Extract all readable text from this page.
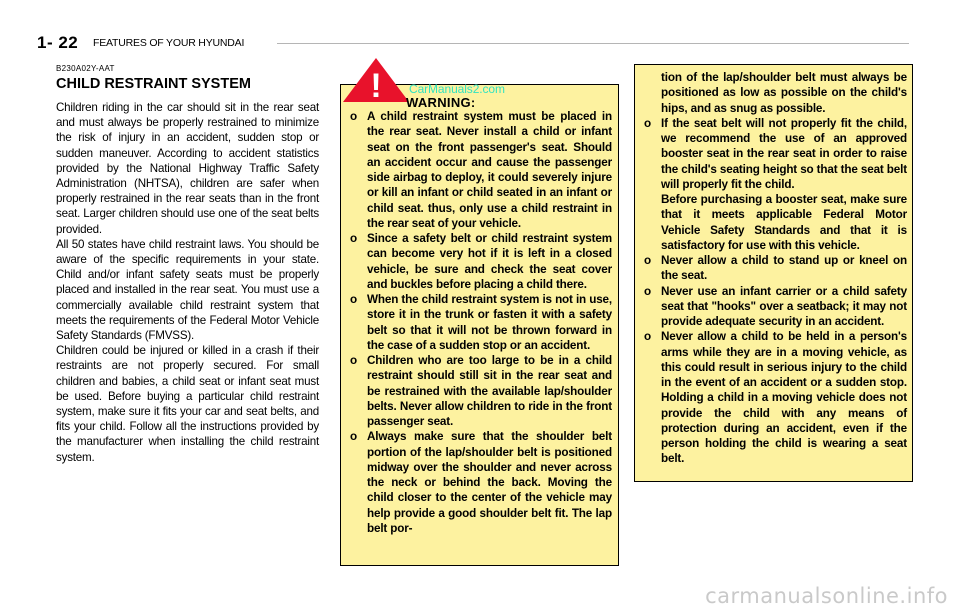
1- 22 FEATURES OF YOUR HYUNDAI

B230A02Y-AAT

CHILD RESTRAINT SYSTEM

Children riding in the car should sit in the rear seat and must always be properly restrained to minimize the risk of injury in an accident, sudden stop or sudden maneuver. According to accident statistics provided by the National Highway Traffic Safety Administration (NHTSA), children are safer when properly restrained in the rear seats than in the front seat. Larger children should use one of the seat belts provided.

All 50 states have child restraint laws. You should be aware of the specific requirements in your state. Child and/or infant safety seats must be properly placed and installed in the rear seat. You must use a commercially available child restraint system that meets the requirements of the Federal Motor Vehicle Safety Standards (FMVSS).

Children could be injured or killed in a crash if their restraints are not properly secured. For small children and babies, a child seat or infant seat must be used. Before buying a particular child restraint system, make sure it fits your car and seat belts, and fits your child. Follow all the instructions provided by the manufacturer when installing the child restraint system.

! CarManuals2.com
WARNING:

o A child restraint system must be placed in the rear seat. Never install a child or infant seat on the front passenger's seat. Should an accident occur and cause the passenger side airbag to deploy, it could severely injure or kill an infant or child seated in an infant or child seat. thus, only use a child restraint in the rear seat of your vehicle.

o Since a safety belt or child restraint system can become very hot if it is left in a closed vehicle, be sure and check the seat cover and buckles before placing a child there.

o When the child restraint system is not in use, store it in the trunk or fasten it with a safety belt so that it will not be thrown forward in the case of a sudden stop or an accident.

o Children who are too large to be in a child restraint should still sit in the rear seat and be restrained with the available lap/shoulder belts. Never allow children to ride in the front passenger seat.

o Always make sure that the shoulder belt portion of the lap/shoulder belt is positioned midway over the shoulder and never across the neck or behind the back. Moving the child closer to the center of the vehicle may help provide a good shoulder belt fit. The lap belt por-

tion of the lap/shoulder belt must always be positioned as low as possible on the child's hips, and as snug as possible.

o If the seat belt will not properly fit the child, we recommend the use of an approved booster seat in the rear seat in order to raise the child's seating height so that the seat belt will properly fit the child.

Before purchasing a booster seat, make sure that it meets applicable Federal Motor Vehicle Safety Standards and that it is satisfactory for use with this vehicle.

o Never allow a child to stand up or kneel on the seat.

o Never use an infant carrier or a child safety seat that "hooks" over a seatback; it may not provide adequate security in an accident.

o Never allow a child to be held in a person's arms while they are in a moving vehicle, as this could result in serious injury to the child in the event of an accident or a sudden stop. Holding a child in a moving vehicle does not provide the child with any means of protection during an accident, even if the person holding the child is wearing a seat belt.

carmanualsonline.info
